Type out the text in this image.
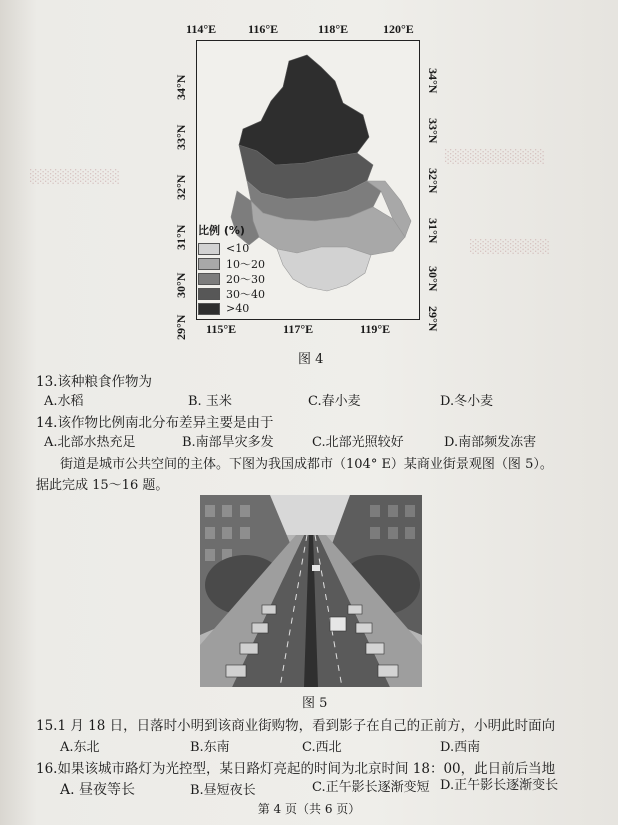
░░░░░░░░░░
░░░░░░░░
░░░░░░░░░
114°E	116°E	118°E	120°E
34°N
33°N
32°N
31°N
30°N
29°N
34°N
33°N
32°N
31°N
30°N
29°N
比例 (%)
<10
10～20
20～30
30～40
>40
115°E	117°E	119°E
图 4
13.该种粮食作物为
A.水稻	B. 玉米	C.春小麦	D.冬小麦
14.该作物比例南北分布差异主要是由于
A.北部水热充足	B.南部旱灾多发	C.北部光照较好	D.南部频发冻害
街道是城市公共空间的主体。下图为我国成都市（104° E）某商业街景观图（图 5）。
据此完成 15～16 题。
图 5
15.1 月 18 日，日落时小明到该商业街购物，看到影子在自己的正前方，小明此时面向
A.东北	B.东南	C.西北	D.西南
16.如果该城市路灯为光控型，某日路灯亮起的时间为北京时间 18：00，此日前后当地
A. 昼夜等长	B.昼短夜长	C.正午影长逐渐变短 D.正午影长逐渐变长
第 4 页（共 6 页）
